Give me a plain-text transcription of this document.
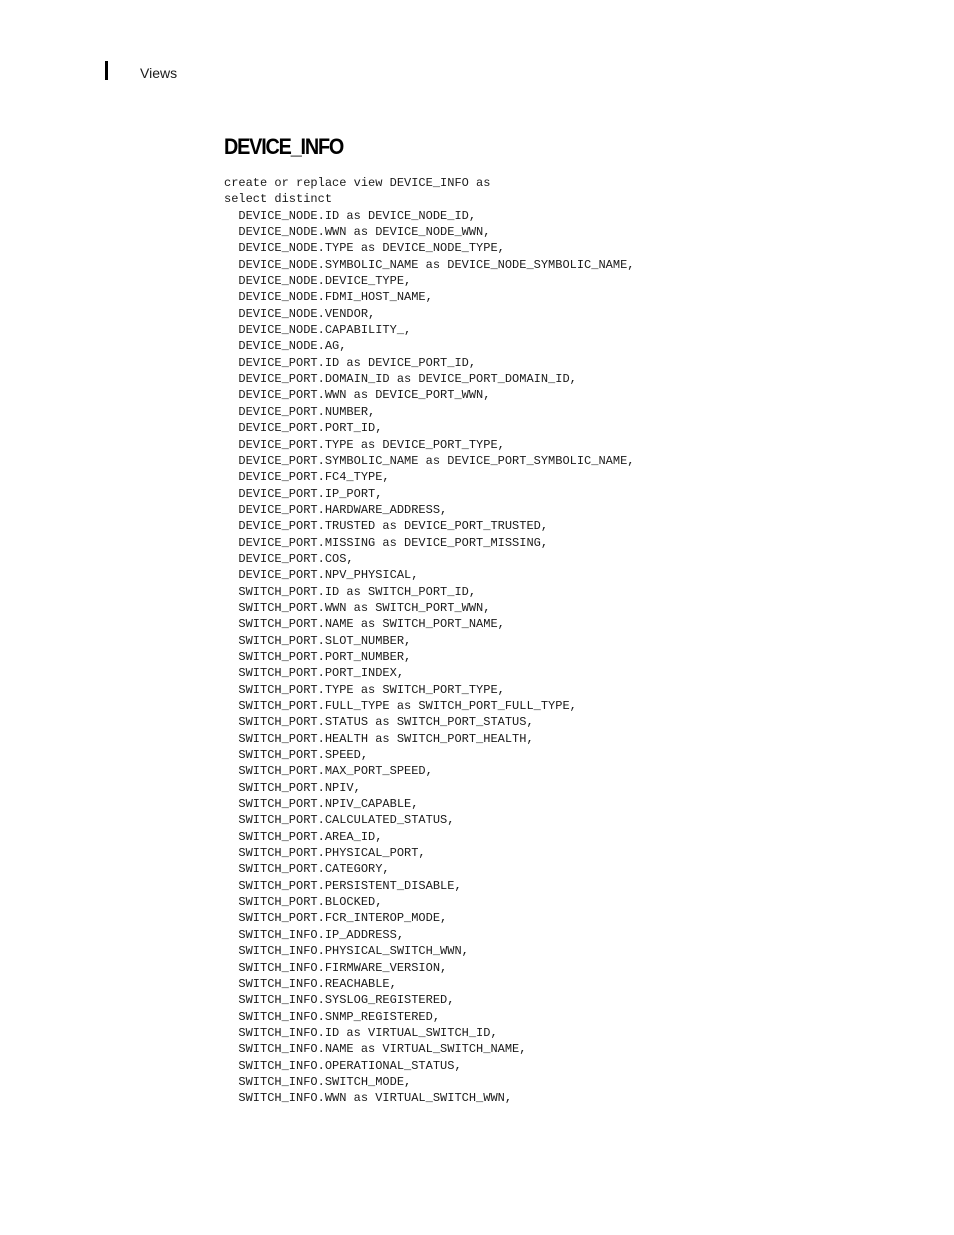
Views
DEVICE_INFO
create or replace view DEVICE_INFO as
select distinct
DEVICE_NODE.ID as DEVICE_NODE_ID,
DEVICE_NODE.WWN as DEVICE_NODE_WWN,
DEVICE_NODE.TYPE as DEVICE_NODE_TYPE,
DEVICE_NODE.SYMBOLIC_NAME as DEVICE_NODE_SYMBOLIC_NAME,
DEVICE_NODE.DEVICE_TYPE,
DEVICE_NODE.FDMI_HOST_NAME,
DEVICE_NODE.VENDOR,
DEVICE_NODE.CAPABILITY_,
DEVICE_NODE.AG,
DEVICE_PORT.ID as DEVICE_PORT_ID,
DEVICE_PORT.DOMAIN_ID as DEVICE_PORT_DOMAIN_ID,
DEVICE_PORT.WWN as DEVICE_PORT_WWN,
DEVICE_PORT.NUMBER,
DEVICE_PORT.PORT_ID,
DEVICE_PORT.TYPE as DEVICE_PORT_TYPE,
DEVICE_PORT.SYMBOLIC_NAME as DEVICE_PORT_SYMBOLIC_NAME,
DEVICE_PORT.FC4_TYPE,
DEVICE_PORT.IP_PORT,
DEVICE_PORT.HARDWARE_ADDRESS,
DEVICE_PORT.TRUSTED as DEVICE_PORT_TRUSTED,
DEVICE_PORT.MISSING as DEVICE_PORT_MISSING,
DEVICE_PORT.COS,
DEVICE_PORT.NPV_PHYSICAL,
SWITCH_PORT.ID as SWITCH_PORT_ID,
SWITCH_PORT.WWN as SWITCH_PORT_WWN,
SWITCH_PORT.NAME as SWITCH_PORT_NAME,
SWITCH_PORT.SLOT_NUMBER,
SWITCH_PORT.PORT_NUMBER,
SWITCH_PORT.PORT_INDEX,
SWITCH_PORT.TYPE as SWITCH_PORT_TYPE,
SWITCH_PORT.FULL_TYPE as SWITCH_PORT_FULL_TYPE,
SWITCH_PORT.STATUS as SWITCH_PORT_STATUS,
SWITCH_PORT.HEALTH as SWITCH_PORT_HEALTH,
SWITCH_PORT.SPEED,
SWITCH_PORT.MAX_PORT_SPEED,
SWITCH_PORT.NPIV,
SWITCH_PORT.NPIV_CAPABLE,
SWITCH_PORT.CALCULATED_STATUS,
SWITCH_PORT.AREA_ID,
SWITCH_PORT.PHYSICAL_PORT,
SWITCH_PORT.CATEGORY,
SWITCH_PORT.PERSISTENT_DISABLE,
SWITCH_PORT.BLOCKED,
SWITCH_PORT.FCR_INTEROP_MODE,
SWITCH_INFO.IP_ADDRESS,
SWITCH_INFO.PHYSICAL_SWITCH_WWN,
SWITCH_INFO.FIRMWARE_VERSION,
SWITCH_INFO.REACHABLE,
SWITCH_INFO.SYSLOG_REGISTERED,
SWITCH_INFO.SNMP_REGISTERED,
SWITCH_INFO.ID as VIRTUAL_SWITCH_ID,
SWITCH_INFO.NAME as VIRTUAL_SWITCH_NAME,
SWITCH_INFO.OPERATIONAL_STATUS,
SWITCH_INFO.SWITCH_MODE,
SWITCH_INFO.WWN as VIRTUAL_SWITCH_WWN,
